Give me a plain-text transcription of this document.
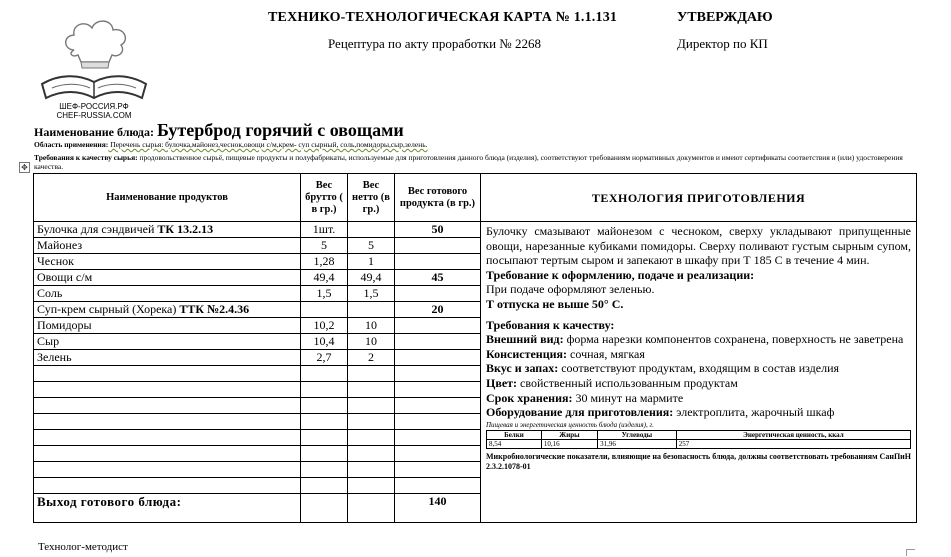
ШЕФ-РОССИЯ.РФ
CHEF-RUSSIA.COM
ТЕХНИКО-ТЕХНОЛОГИЧЕСКАЯ КАРТА № 1.1.131	УТВЕРЖДАЮ
Рецептура по акту проработки № 2268	Директор по КП
Наименование блюда: Бутерброд горячий с овощами
Область применения: Перечень сырья: булочка,майонез,чеснок,овощи с/м,крем- суп сырный, соль,помидоры,сыр,зелень.
Требования к качеству сырья: продовольственное сырьё, пищевые продукты и полуфабрикаты, используемые для приготовления данного блюда (изделия), соответствуют требованиям нормативных документов и имеют сертификаты соответствия и (или) удостоверения качества.
✥
Наименование продуктов	Вес брутто ( в гр.)	Вес нетто (в гр.)	Вес готового продукта (в гр.)	ТЕХНОЛОГИЯ ПРИГОТОВЛЕНИЯ
Булочка для сэндвичей ТК 13.2.13	1шт.		50	Булочку смазывают майонезом с чесноком, сверху укладывают припущенные овощи, нарезанные кубиками помидоры. Сверху поливают густым сырным супом, посыпают тертым сыром и запекают в шкафу при Т 185 С в течение 4 мин.
Требование к оформлению, подаче и реализации:
При подаче оформляют зеленью.
Т отпуска не выше 50° С.
Требования к качеству:
Внешний вид: форма нарезки компонентов сохранена, поверхность не заветрена
Консистенция: сочная, мягкая
Вкус и запах: соответствуют продуктам, входящим в состав изделия
Цвет: свойственный использованным продуктам
Срок хранения: 30 минут на мармите
Оборудование для приготовления: электроплита, жарочный шкаф
Пищевая и энергетическая ценность блюда (изделия), г.
Белки	Жиры	Углеводы	Энергетическая ценность, ккал
8,54	10,16	31,96	257
Микробиологические показатели, влияющие на безопасность блюда, должны соответствовать требованиям СанПиН 2.3.2.1078-01

Майонез	5	5	
Чеснок	1,28	1	
Овощи с/м	49,4	49,4	45
Соль	1,5	1,5	
Суп-крем сырный (Хорека) ТТК №2.4.36			20
Помидоры	10,2	10	
Сыр	10,4	10	
Зелень	2,7	2	

Выход готового блюда:			140
Технолог-методист
